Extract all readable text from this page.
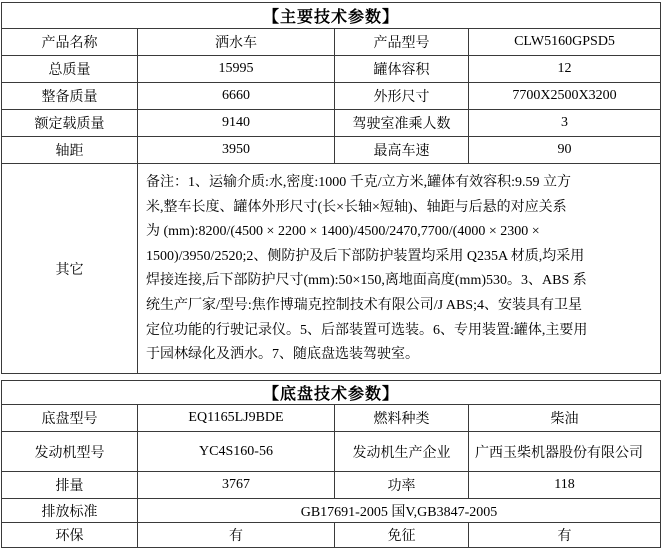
【主要技术参数】			
产品名称	洒水车	产品型号	CLW5160GPSD5
总质量	15995	罐体容积	12
整备质量	6660	外形尺寸	7700X2500X3200
额定载质量	9140	驾驶室准乘人数	3
轴距	3950	最高车速	90
其它	
备注：1、运输介质:水,密度:1000 千克/立方米,罐体有效容积:9.59 立方
米,整车长度、罐体外形尺寸(长×长轴×短轴)、轴距与后悬的对应关系
为 (mm):8200/(4500 × 2200 × 1400)/4500/2470,7700/(4000 × 2300 ×
1500)/3950/2520;2、侧防护及后下部防护装置均采用 Q235A 材质,均采用
焊接连接,后下部防护尺寸(mm):50×150,离地面高度(mm)530。3、ABS 系
统生产厂家/型号:焦作博瑞克控制技术有限公司/J ABS;4、安装具有卫星
定位功能的行驶记录仪。5、后部装置可选装。6、专用装置:罐体,主要用
于园林绿化及洒水。7、随底盘选装驾驶室。
【底盘技术参数】			
底盘型号	EQ1165LJ9BDE	燃料种类	柴油
发动机型号	YC4S160-56	发动机生产企业	广西玉柴机器股份有限公司
排量	3767	功率	118
排放标准	GB17691-2005 国V,GB3847-2005		
环保	有	免征	有
